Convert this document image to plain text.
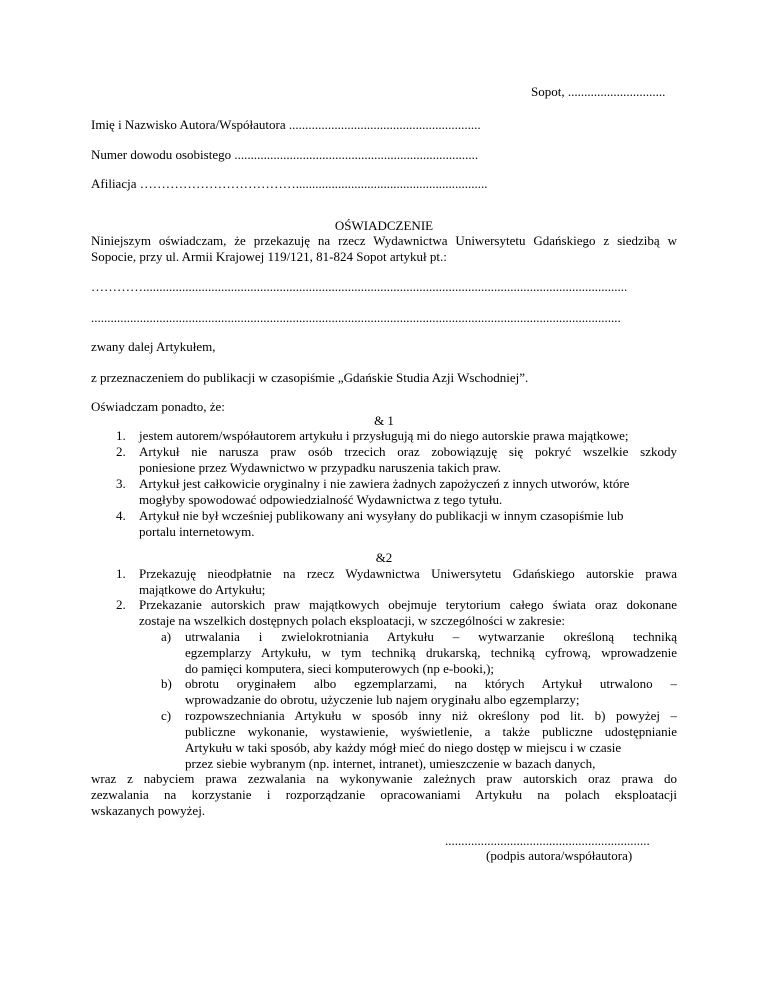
Sopot, ..............................
Imię i Nazwisko Autora/Współautora ...........................................................
Numer dowodu osobistego ...........................................................................
Afiliacja ………………………………...........................................................
OŚWIADCZENIE
Niniejszym oświadczam, że przekazuję na rzecz Wydawnictwa Uniwersytetu Gdańskiego z siedzibą w
Sopocie, przy ul. Armii Krajowej 119/121, 81-824 Sopot artykuł pt.:
………….....................................................................................................................................................
...................................................................................................................................................................
zwany dalej Artykułem,
z przeznaczeniem do publikacji w czasopiśmie „Gdańskie Studia Azji Wschodniej”.
Oświadczam ponadto, że:
& 1
1. jestem autorem/współautorem artykułu i przysługują mi do niego autorskie prawa majątkowe;
2. Artykuł nie narusza praw osób trzecich oraz zobowiązuję się pokryć wszelkie szkody
poniesione przez Wydawnictwo w przypadku naruszenia takich praw.
3. Artykuł jest całkowicie oryginalny i nie zawiera żadnych zapożyczeń z innych utworów, które
mogłyby spowodować odpowiedzialność Wydawnictwa z tego tytułu.
4. Artykuł nie był wcześniej publikowany ani wysyłany do publikacji w innym czasopiśmie lub
portalu internetowym.
&2
1. Przekazuję nieodpłatnie na rzecz Wydawnictwa Uniwersytetu Gdańskiego autorskie prawa
majątkowe do Artykułu;
2. Przekazanie autorskich praw majątkowych obejmuje terytorium całego świata oraz dokonane
zostaje na wszelkich dostępnych polach eksploatacji, w szczególności w zakresie:
a) utrwalania i zwielokrotniania Artykułu – wytwarzanie określoną techniką
egzemplarzy Artykułu, w tym techniką drukarską, techniką cyfrową, wprowadzenie
do pamięci komputera, sieci komputerowych (np e-booki,);
b) obrotu oryginałem albo egzemplarzami, na których Artykuł utrwalono –
wprowadzanie do obrotu, użyczenie lub najem oryginału albo egzemplarzy;
c) rozpowszechniania Artykułu w sposób inny niż określony pod lit. b) powyżej –
publiczne wykonanie, wystawienie, wyświetlenie, a także publiczne udostępnianie
Artykułu w taki sposób, aby każdy mógł mieć do niego dostęp w miejscu i w czasie
przez siebie wybranym (np. internet, intranet), umieszczenie w bazach danych,
wraz z nabyciem prawa zezwalania na wykonywanie zależnych praw autorskich oraz prawa do
zezwalania na korzystanie i rozporządzanie opracowaniami Artykułu na polach eksploatacji
wskazanych powyżej.
...............................................................
(podpis autora/współautora)
